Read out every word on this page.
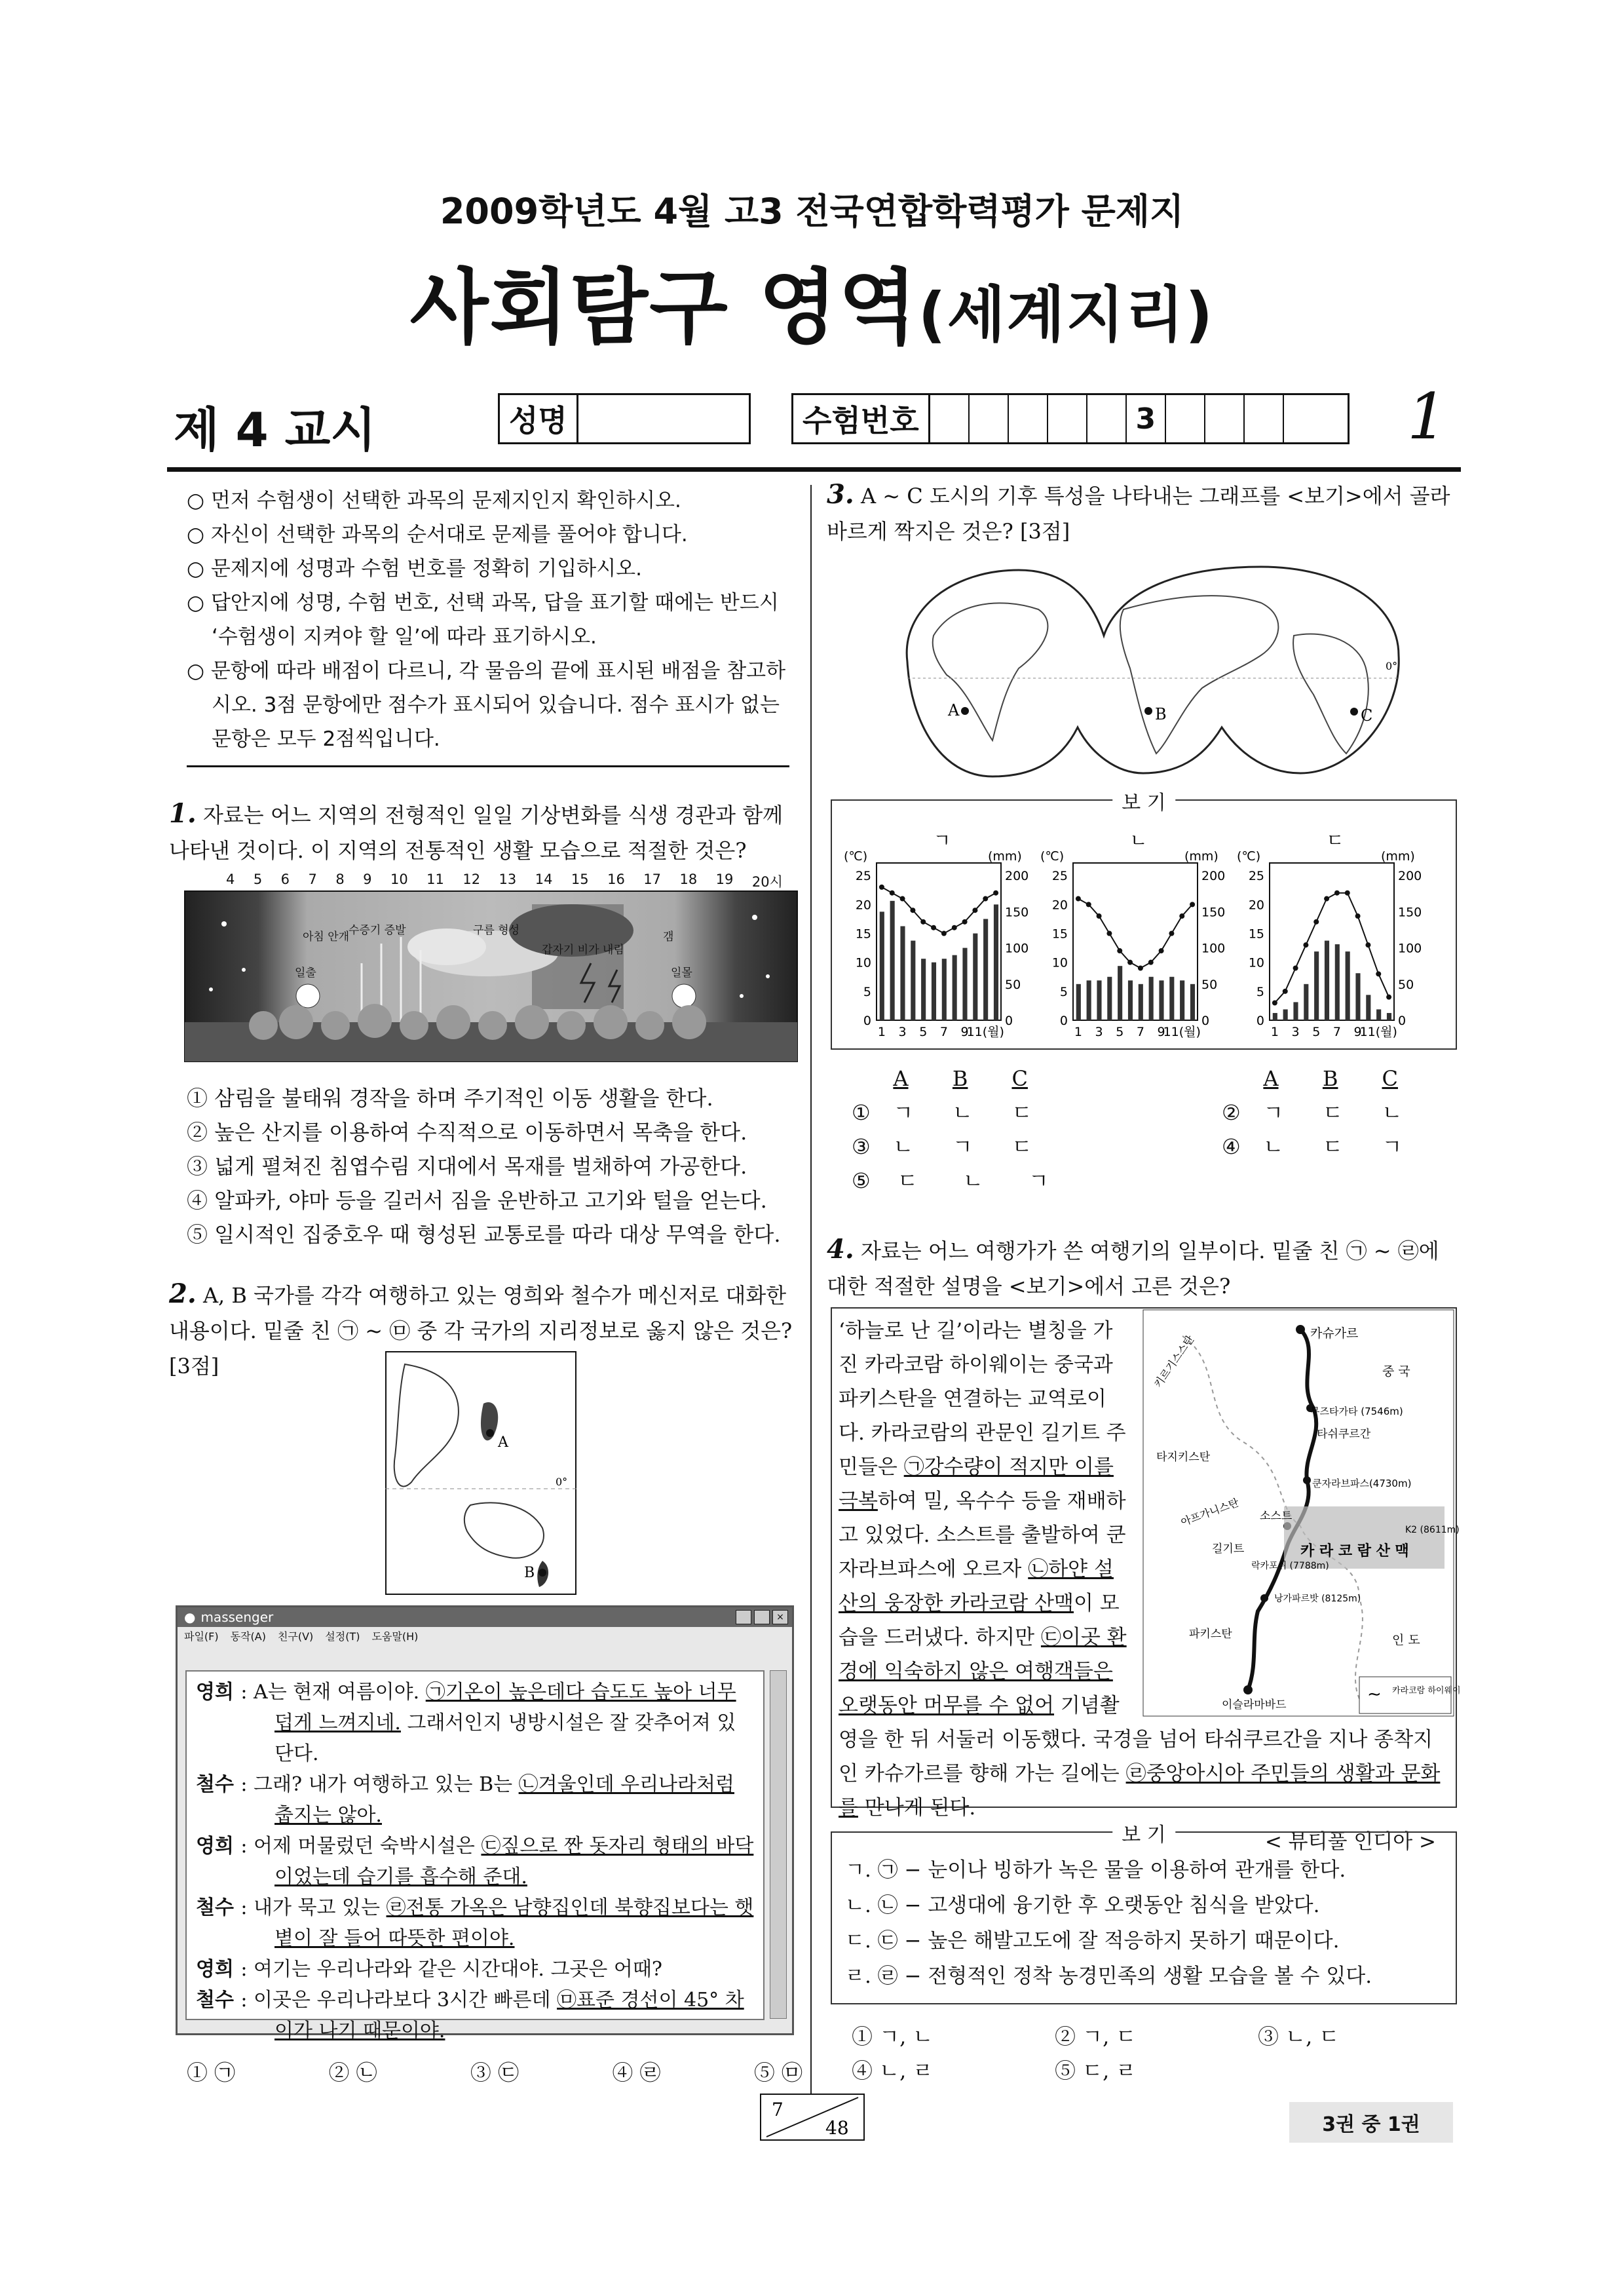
2009학년도 4월 고3 전국연합학력평가 문제지
사회탐구 영역(세계지리)
제 4 교시	성명	수험번호	3	1
○ 먼저 수험생이 선택한 과목의 문제지인지 확인하시오.
○ 자신이 선택한 과목의 순서대로 문제를 풀어야 합니다.
○ 문제지에 성명과 수험 번호를 정확히 기입하시오.
○ 답안지에 성명, 수험 번호, 선택 과목, 답을 표기할 때에는 반드시 ‘수험생이 지켜야 할 일’에 따라 표기하시오.
○ 문항에 따라 배점이 다르니, 각 물음의 끝에 표시된 배점을 참고하시오. 3점 문항에만 점수가 표시되어 있습니다. 점수 표시가 없는 문항은 모두 2점씩입니다.
1. 자료는 어느 지역의 전형적인 일일 기상변화를 식생 경관과 함께 나타낸 것이다. 이 지역의 전통적인 생활 모습으로 적절한 것은?
4 5 6 7 8 9 10 11 12 13 14 15 16 17 18 19 20시
아침 안개
수증기 증발	구름 형성
갑자기 비가 내림
갬
일출	일몰
① 삼림을 불태워 경작을 하며 주기적인 이동 생활을 한다.
② 높은 산지를 이용하여 수직적으로 이동하면서 목축을 한다.
③ 넓게 펼쳐진 침엽수림 지대에서 목재를 벌채하여 가공한다.
④ 알파카, 야마 등을 길러서 짐을 운반하고 고기와 털을 얻는다.
⑤ 일시적인 집중호우 때 형성된 교통로를 따라 대상 무역을 한다.
2. A, B 국가를 각각 여행하고 있는 영희와 철수가 메신저로 대화한 내용이다. 밑줄 친 ㉠ ~ ㉤ 중 각 국가의 지리정보로 옳지 않은 것은? [3점]
A
B
0°
● massenger	×
파일(F) 동작(A) 친구(V) 설정(T) 도움말(H)
영희 : A는 현재 여름이야. ㉠기온이 높은데다 습도도 높아 너무 덥게 느껴지네. 그래서인지 냉방시설은 잘 갖추어져 있단다.
철수 : 그래? 내가 여행하고 있는 B는 ㉡겨울인데 우리나라처럼 춥지는 않아.
영희 : 어제 머물렀던 숙박시설은 ㉢짚으로 짠 돗자리 형태의 바닥이었는데 습기를 흡수해 준대.
철수 : 내가 묵고 있는 ㉣전통 가옥은 남향집인데 북향집보다는 햇볕이 잘 들어 따뜻한 편이야.
영희 : 여기는 우리나라와 같은 시간대야. 그곳은 어때?
철수 : 이곳은 우리나라보다 3시간 빠른데 ㉤표준 경선이 45° 차이가 나기 때문이야.
① ㉠	② ㉡	③ ㉢	④ ㉣	⑤ ㉤
3. A ~ C 도시의 기후 특성을 나타내는 그래프를 <보기>에서 골라 바르게 짝지은 것은? [3점]
A	B	C
0°
보 기
ㄱ
(℃)	(mm)
0
5
10
15
20
25
0
50
100
150
200
1 3 5 7 9
11(월)
ㄴ
(℃)	(mm)
0
5
10
15
20
25
0
50
100
150
200
1 3 5 7 9
11(월)
ㄷ
(℃)	(mm)
0
5
10
15
20
25
0
50
100
150
200
1 3 5 7 9
11(월)
A	B	C	A	B	C
①	ㄱ	ㄴ	ㄷ	②	ㄱ	ㄷ	ㄴ
③	ㄴ	ㄱ	ㄷ	④	ㄴ	ㄷ	ㄱ
⑤	ㄷ	ㄴ	ㄱ
4. 자료는 어느 여행가가 쓴 여행기의 일부이다. 밑줄 친 ㉠ ~ ㉣에 대한 적절한 설명을 <보기>에서 고른 것은?
‘하늘로 난 길’이라는 별칭을 가진 카라코람 하이웨이는 중국과 파키스탄을 연결하는 교역로이다. 카라코람의 관문인 길기트 주민들은 ㉠강수량이 적지만 이를 극복하여 밀, 옥수수 등을 재배하고 있었다. 소스트를 출발하여 쿤자라브파스에 오르자 ㉡하얀 설산의 웅장한 카라코람 산맥이 모습을 드러냈다. 하지만 ㉢이곳 환경에 익숙하지 않은 여행객들은 오랫동안 머무를 수 없어 기념촬영을 한 뒤 서둘러 이동했다. 국경을 넘어 타쉬쿠르간을 지나 종착지인 카슈가르를 향해 가는 길에는 ㉣중앙아시아 주민들의 생활과 문화를 만나게 된다.
< 뷰티풀 인디아 >
카슈가르
중 국
무즈타가타 (7546m)
타쉬쿠르간
타지키스탄
쿤자라브파스(4730m)
소스트
K2 (8611m)
카 라 코 람 산 맥
길기트
락카포쉬 (7788m)
낭가파르밧 (8125m)
파키스탄	인 도
이슬라마바드
아프가니스탄
키르기스스탄
∼ 카라코람 하이웨이
보 기
ㄱ. ㉠ − 눈이나 빙하가 녹은 물을 이용하여 관개를 한다.
ㄴ. ㉡ − 고생대에 융기한 후 오랫동안 침식을 받았다.
ㄷ. ㉢ − 높은 해발고도에 잘 적응하지 못하기 때문이다.
ㄹ. ㉣ − 전형적인 정착 농경민족의 생활 모습을 볼 수 있다.
① ㄱ, ㄴ	② ㄱ, ㄷ	③ ㄴ, ㄷ
④ ㄴ, ㄹ	⑤ ㄷ, ㄹ
7
48	3권 중 1권
